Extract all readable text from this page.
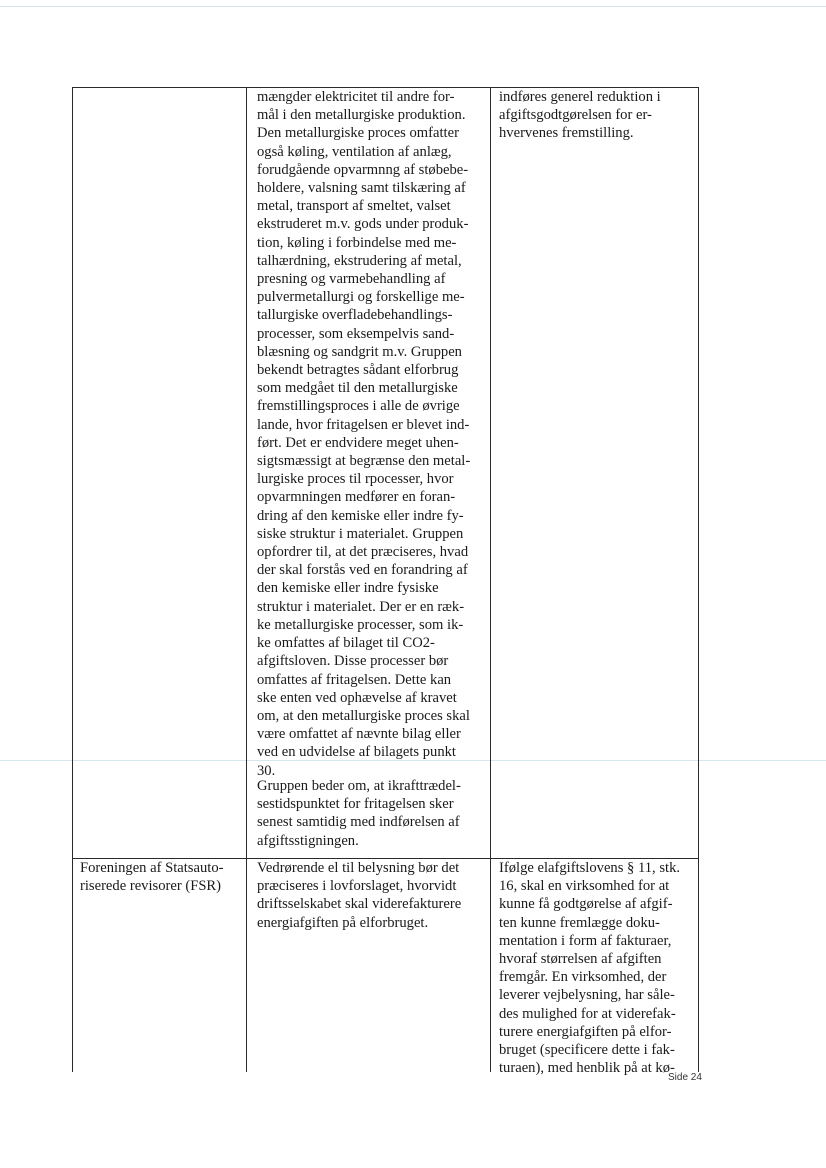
mængder elektricitet til andre for-

mål i den metallurgiske produktion.

Den metallurgiske proces omfatter

også køling, ventilation af anlæg,

forudgående opvarmnng af støbebe-

holdere, valsning samt tilskæring af

metal, transport af smeltet, valset

ekstruderet m.v. gods under produk-

tion, køling i forbindelse med me-

talhærdning, ekstrudering af metal,

presning og varmebehandling af

pulvermetallurgi og forskellige me-

tallurgiske overfladebehandlings-

processer, som eksempelvis sand-

blæsning og sandgrit m.v. Gruppen

bekendt betragtes sådant elforbrug

som medgået til den metallurgiske

fremstillingsproces i alle de øvrige

lande, hvor fritagelsen er blevet ind-

ført. Det er endvidere meget uhen-

sigtsmæssigt at begrænse den metal-

lurgiske proces til rpocesser, hvor

opvarmningen medfører en foran-

dring af den kemiske eller indre fy-

siske struktur i materialet. Gruppen

opfordrer til, at det præciseres, hvad

der skal forstås ved en forandring af

den kemiske eller indre fysiske

struktur i materialet. Der er en ræk-

ke metallurgiske processer, som ik-

ke omfattes af bilaget til CO2-

afgiftsloven. Disse processer bør

omfattes af fritagelsen. Dette kan

ske enten ved ophævelse af kravet

om, at den metallurgiske proces skal

være omfattet af nævnte bilag eller

ved en udvidelse af bilagets punkt

30.

indføres generel reduktion i

afgiftsgodtgørelsen for er-

hvervenes fremstilling.

Gruppen beder om, at ikrafttrædel-

sestidspunktet for fritagelsen sker

senest samtidig med indførelsen af

afgiftsstigningen.

Foreningen af Statsauto-

riserede revisorer (FSR)

Vedrørende el til belysning bør det

præciseres i lovforslaget, hvorvidt

driftsselskabet skal viderefakturere

energiafgiften på elforbruget.

Ifølge elafgiftslovens § 11, stk.

16, skal en virksomhed for at

kunne få godtgørelse af afgif-

ten kunne fremlægge doku-

mentation i form af fakturaer,

hvoraf størrelsen af afgiften

fremgår. En virksomhed, der

leverer vejbelysning, har såle-

des mulighed for at viderefak-

turere energiafgiften på elfor-

bruget (specificere dette i fak-

turaen), med henblik på at kø-

Side 24
